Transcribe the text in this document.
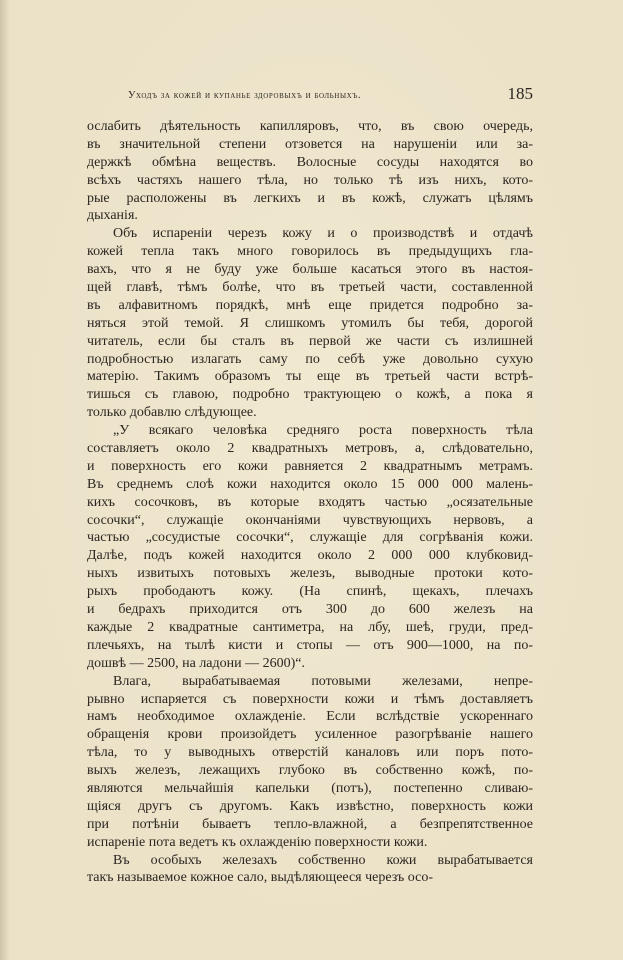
Уходъ за кожей и купанье здоровыхъ и больныхъ.	185
ослабить дѣятельность капилляровъ, что, въ свою очередь,
въ значительной степени отзовется на нарушеніи или за-
держкѣ обмѣна веществъ. Волосные сосуды находятся во
всѣхъ частяхъ нашего тѣла, но только тѣ изъ нихъ, кото-
рые расположены въ легкихъ и въ кожѣ, служатъ цѣлямъ
дыханія.
Объ испареніи черезъ кожу и о производствѣ и отдачѣ
кожей тепла такъ много говорилось въ предыдущихъ гла-
вахъ, что я не буду уже больше касаться этого въ настоя-
щей главѣ, тѣмъ болѣе, что въ третьей части, составленной
въ алфавитномъ порядкѣ, мнѣ еще придется подробно за-
няться этой темой. Я слишкомъ утомилъ бы тебя, дорогой
читатель, если бы сталъ въ первой же части съ излишней
подробностью излагать саму по себѣ уже довольно сухую
матерію. Такимъ образомъ ты еще въ третьей части встрѣ-
тишься съ главою, подробно трактующею о кожѣ, а пока я
только добавлю слѣдующее.
„У всякаго человѣка средняго роста поверхность тѣла
составляетъ около 2 квадратныхъ метровъ, а, слѣдовательно,
и поверхность его кожи равняется 2 квадратнымъ метрамъ.
Въ среднемъ слоѣ кожи находится около 15 000 000 малень-
кихъ сосочковъ, въ которые входятъ частью „осязательные
сосочки“, служащіе окончаніями чувствующихъ нервовъ, а
частью „сосудистые сосочки“, служащіе для согрѣванія кожи.
Далѣе, подъ кожей находится около 2 000 000 клубковид-
ныхъ извитыхъ потовыхъ железъ, выводные протоки кото-
рыхъ прободаютъ кожу. (На спинѣ, щекахъ, плечахъ
и бедрахъ приходится отъ 300 до 600 железъ на
каждые 2 квадратные сантиметра, на лбу, шеѣ, груди, пред-
плечьяхъ, на тылѣ кисти и стопы — отъ 900—1000, на по-
дошвѣ — 2500, на ладони — 2600)“.
Влага, вырабатываемая потовыми железами, непре-
рывно испаряется съ поверхности кожи и тѣмъ доставляетъ
намъ необходимое охлажденіе. Если вслѣдствіе ускореннаго
обращенія крови произойдетъ усиленное разогрѣваніе нашего
тѣла, то у выводныхъ отверстій каналовъ или поръ пото-
выхъ железъ, лежащихъ глубоко въ собственно кожѣ, по-
являются мельчайшія капельки (потъ), постепенно сливаю-
щіяся другъ съ другомъ. Какъ извѣстно, поверхность кожи
при потѣніи бываетъ тепло-влажной, а безпрепятственное
испареніе пота ведетъ къ охлажденію поверхности кожи.
Въ особыхъ железахъ собственно кожи вырабатывается
такъ называемое кожное сало, выдѣляющееся черезъ осо-
